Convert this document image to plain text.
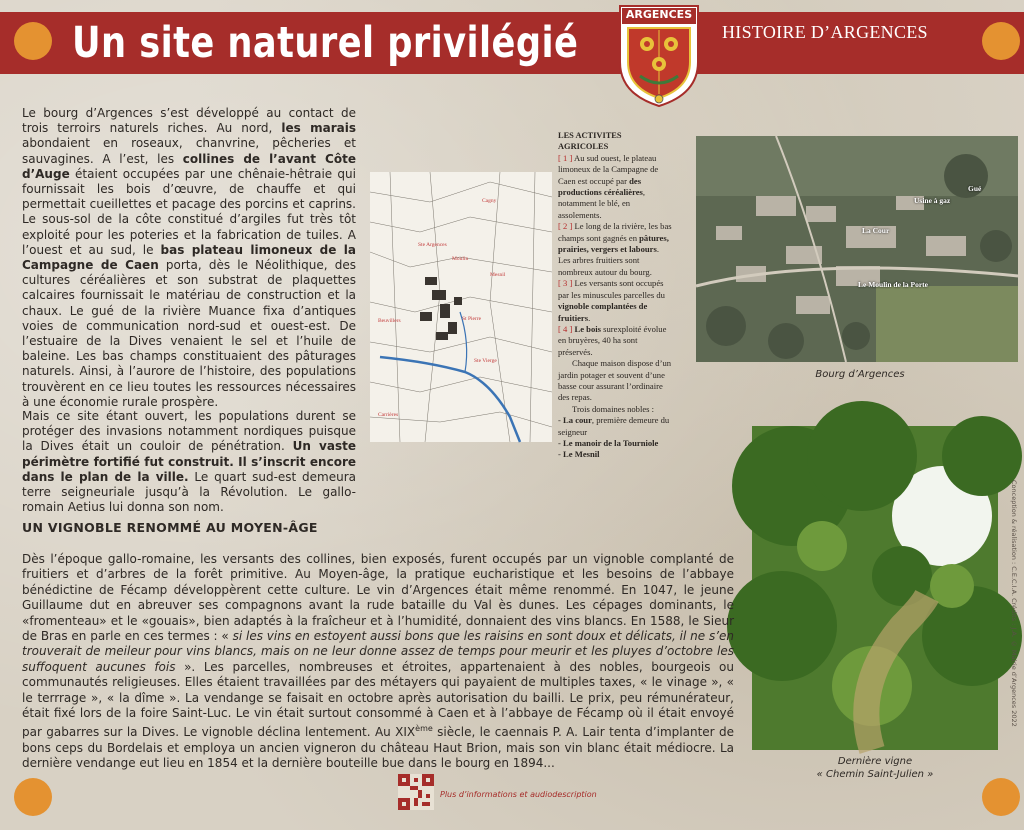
Un site naturel privilégié	HISTOIRE D’ARGENCES
ARGENCES
Le bourg d’Argences s’est développé au contact de trois terroirs naturels riches. Au nord, les marais abondaient en roseaux, chanvrine, pêcheries et sauvagines. A l’est, les collines de l’avant Côte d’Auge étaient occupées par une chênaie-hêtraie qui fournissait les bois d’œuvre, de chauffe et qui permettait cueillettes et pacage des porcins et caprins. Le sous-sol de la côte constitué d’argiles fut très tôt exploité pour les poteries et la fabrication de tuiles. A l’ouest et au sud, le bas plateau limoneux de la Campagne de Caen porta, dès le Néolithique, des cultures céréalières et son substrat de plaquettes calcaires fournissait le matériau de construction et la chaux. Le gué de la rivière Muance fixa d’antiques voies de communication nord-sud et ouest-est. De l’estuaire de la Dives venaient le sel et l’huile de baleine. Les bas champs constituaient des pâturages naturels. Ainsi, à l’aurore de l’histoire, des populations trouvèrent en ce lieu toutes les ressources nécessaires à une économie rurale prospère.
Mais ce site étant ouvert, les populations durent se protéger des invasions notamment nordiques puisque la Dives était un couloir de pénétration. Un vaste périmètre fortifié fut construit. Il s’inscrit encore dans le plan de la ville. Le quart sud-est demeura terre seigneuriale jusqu’à la Révolution. Le gallo-romain Aetius lui donna son nom.
Cagny
Moulin
Ste Argences
Mesnil
Beuvillers	St Pierre
Ste Vierge
Carrières
LES ACTIVITES AGRICOLES
[ 1 ] Au sud ouest, le plateau limoneux de la Campagne de Caen est occupé par des productions céréalières, notamment le blé, en assolements.
[ 2 ] Le long de la rivière, les bas champs sont gagnés en pâtures, prairies, vergers et labours. Les arbres fruitiers sont nombreux autour du bourg.
[ 3 ] Les versants sont occupés par les minuscules parcelles du vignoble complantées de fruitiers.
[ 4 ] Le bois surexploité évolue en bruyères, 40 ha sont préservés.
Chaque maison dispose d’un jardin potager et souvent d’une basse cour assurant l’ordinaire des repas.
Trois domaines nobles :
- La cour, première demeure du seigneur
- Le manoir de la Tourniole
- Le Mesnil
Gué
Usine à gaz
La Cour
Le Moulin de la Porte
Bourg d’Argences
Dernière vigne
« Chemin Saint-Julien »
UN VIGNOBLE RENOMMÉ AU MOYEN-ÂGE
Dès l’époque gallo-romaine, les versants des collines, bien exposés, furent occupés par un vignoble complanté de fruitiers et d’arbres de la forêt primitive. Au Moyen-âge, la pratique eucharistique et les besoins de l’abbaye bénédictine de Fécamp développèrent cette culture. Le vin d’Argences était même renommé. En 1047, le jeune Guillaume dut en abreuver ses compagnons avant la rude bataille du Val ès dunes. Les cépages dominants, le «fromenteau» et le «gouais», bien adaptés à la fraîcheur et à l’humidité, donnaient des vins blancs. En 1588, le Sieur de Bras en parle en ces termes : « si les vins en estoyent aussi bons que les raisins en sont doux et délicats, il ne s’en trouverait de meileur pour vins blancs, mais on ne leur donne assez de temps pour meurir et les pluyes d’octobre les suffoquent aucunes fois ». Les parcelles, nombreuses et étroites, appartenaient à des nobles, bourgeois ou communautés religieuses. Elles étaient travaillées par des métayers qui payaient de multiples taxes, « le vinage », « le terrrage », « la dîme ». La vendange se faisait en octobre après autorisation du bailli. Le prix, peu rémunérateur, était fixé lors de la foire Saint-Luc. Le vin était surtout consommé à Caen et à l’abbaye de Fécamp où il était envoyé par gabarres sur la Dives. Le vignoble déclina lentement. Au XIXème siècle, le caennais P. A. Lair tenta d’implanter de bons ceps du Bordelais et employa un ancien vigneron du château Haut Brion, mais son vin blanc était médiocre. La dernière vendange eut lieu en 1854 et la dernière bouteille bue dans le bourg en 1894...
Plus d’informations et audiodescription
Conception & réalisation : C.E.C.I.A. Crédits : J.A. © Mairie d’Argences 2022
